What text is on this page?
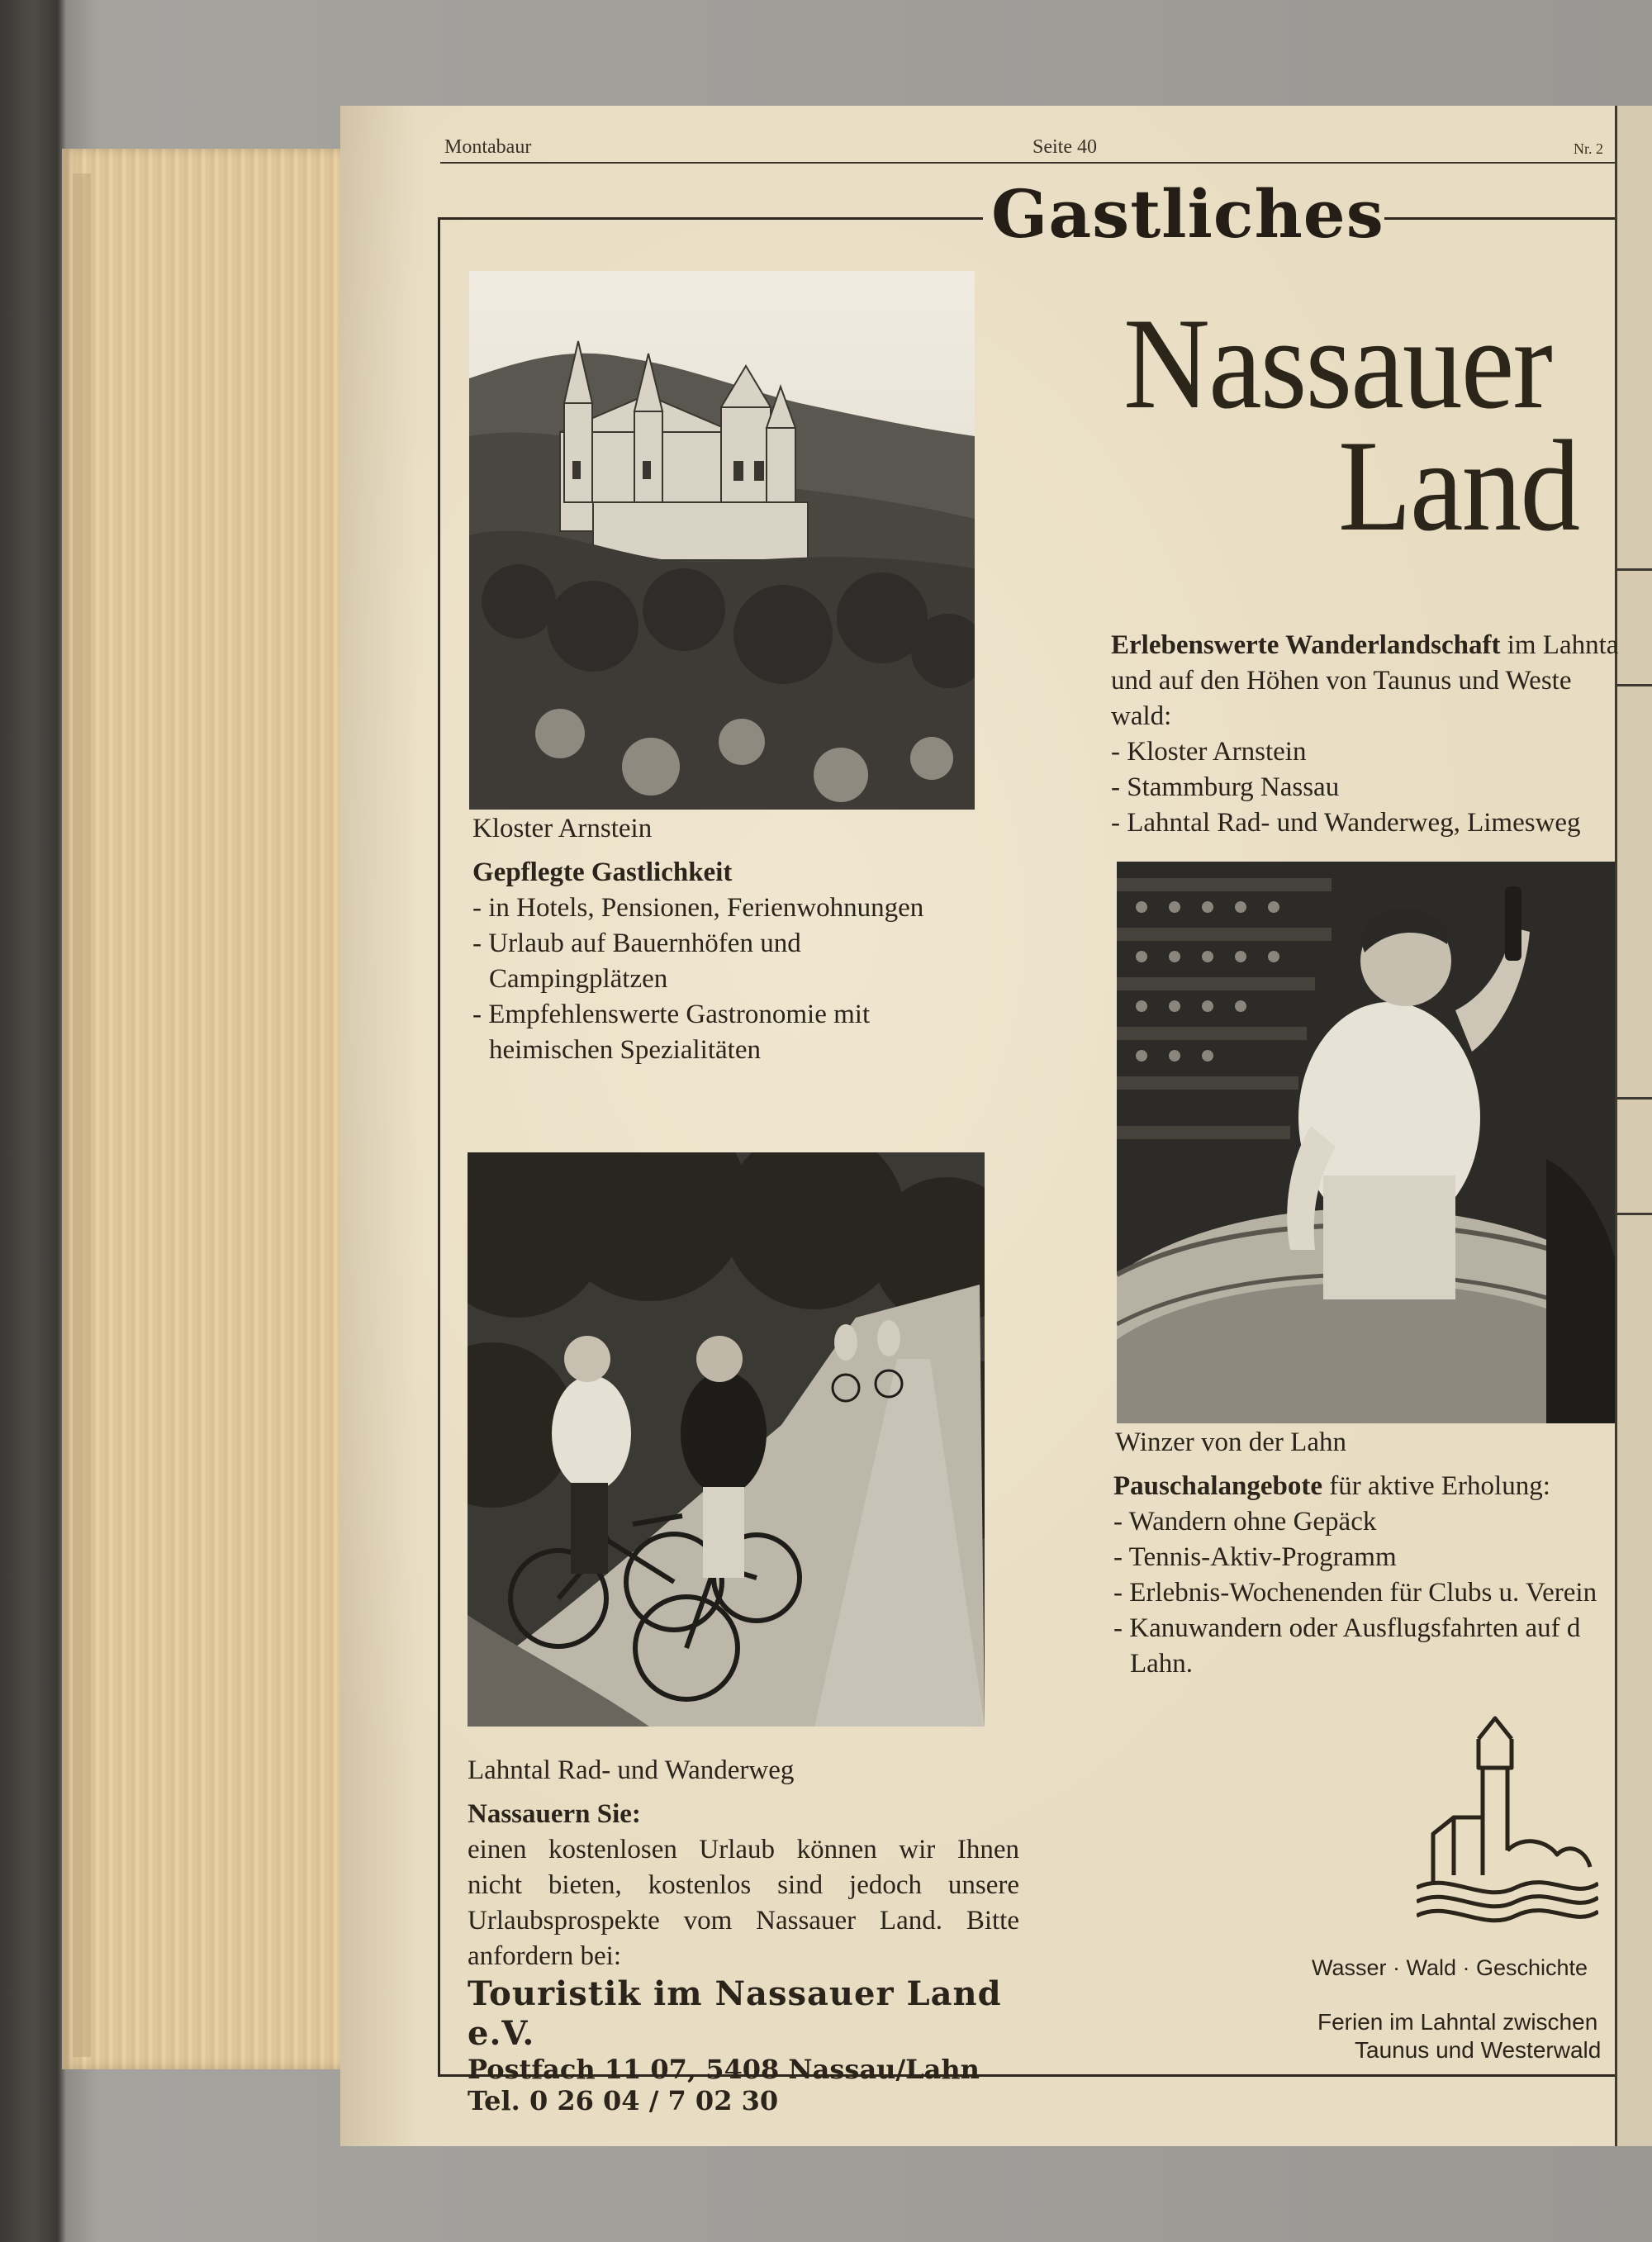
Montabaur	Seite 40	Nr. 2
Gastliches
Nassauer
Land
Kloster Arnstein
Gepflegte Gastlichkeit
- in Hotels, Pensionen, Ferienwohnungen
- Urlaub auf Bauernhöfen und
Campingplätzen
- Empfehlenswerte Gastronomie mit
heimischen Spezialitäten
Lahntal Rad- und Wanderweg
Nassauern Sie:
einen kostenlosen Urlaub können wir Ihnen
nicht bieten, kostenlos sind jedoch unsere
Urlaubsprospekte vom Nassauer Land. Bitte
anfordern bei:
Touristik im Nassauer Land e.V.
Postfach 11 07, 5408 Nassau/Lahn
Tel. 0 26 04 / 7 02 30
Erlebenswerte Wanderlandschaft im Lahnta
und auf den Höhen von Taunus und Weste
wald:
- Kloster Arnstein
- Stammburg Nassau
- Lahntal Rad- und Wanderweg, Limesweg
Winzer von der Lahn
Pauschalangebote für aktive Erholung:
- Wandern ohne Gepäck
- Tennis-Aktiv-Programm
- Erlebnis-Wochenenden für Clubs u. Verein
- Kanuwandern oder Ausflugsfahrten auf d
Lahn.
Wasser · Wald · Geschichte
Ferien im Lahntal zwischen
Taunus und Westerwald
